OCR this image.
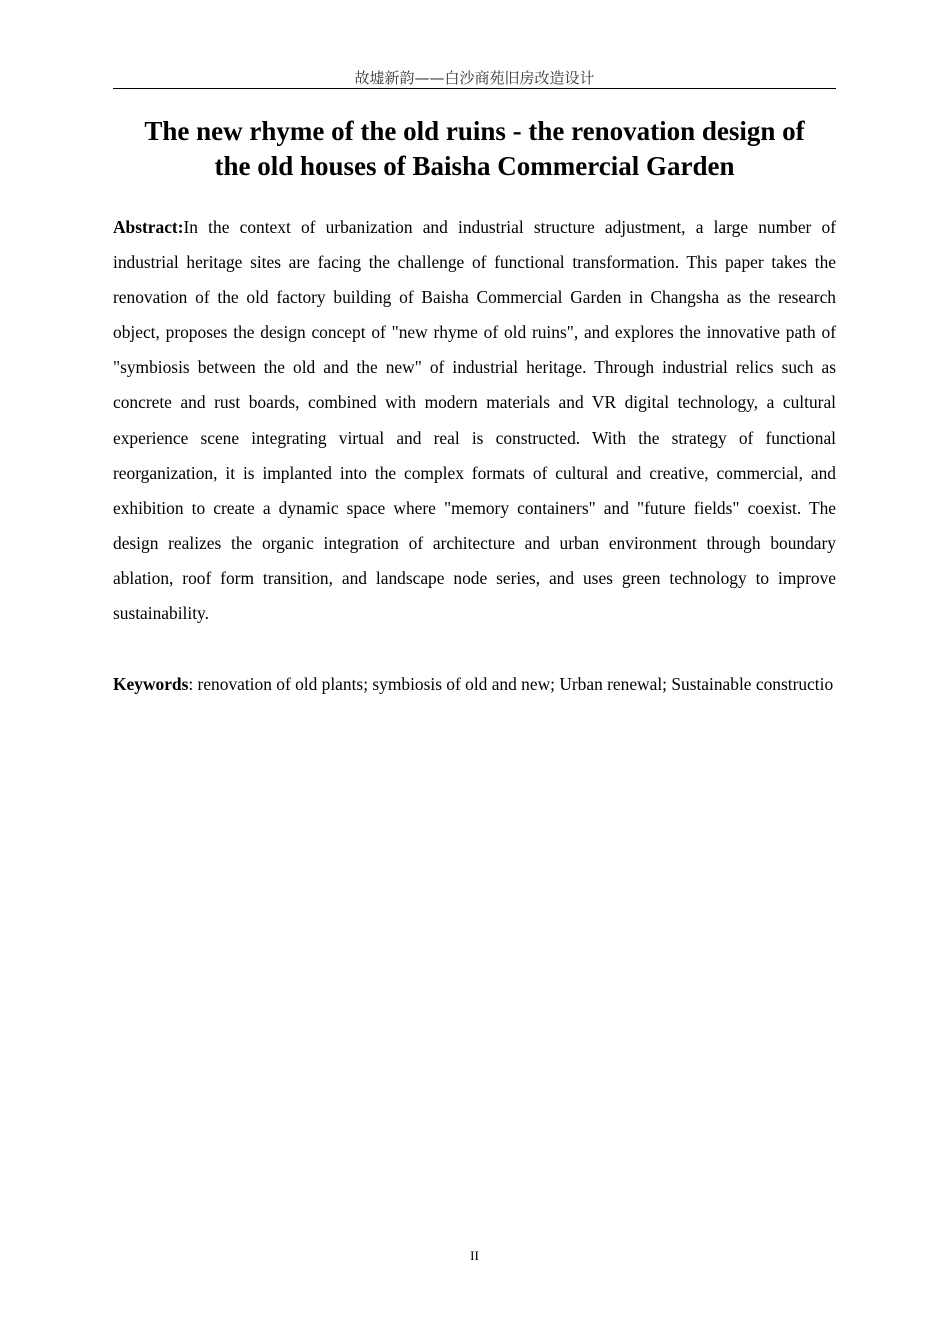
故墟新韵——白沙商苑旧房改造设计
The new rhyme of the old ruins - the renovation design of
the old houses of Baisha Commercial Garden

Abstract:In the context of urbanization and industrial structure adjustment, a large number of industrial heritage sites are facing the challenge of functional transformation. This paper takes the renovation of the old factory building of Baisha Commercial Garden in Changsha as the research object, proposes the design concept of "new rhyme of old ruins", and explores the innovative path of "symbiosis between the old and the new" of industrial heritage. Through industrial relics such as concrete and rust boards, combined with modern materials and VR digital technology, a cultural experience scene integrating virtual and real is constructed. With the strategy of functional reorganization, it is implanted into the complex formats of cultural and creative, commercial, and exhibition to create a dynamic space where "memory containers" and "future fields" coexist. The design realizes the organic integration of architecture and urban environment through boundary ablation, roof form transition, and landscape node series, and uses green technology to improve sustainability.

Keywords: renovation of old plants; symbiosis of old and new; Urban renewal; Sustainable constructio

II
